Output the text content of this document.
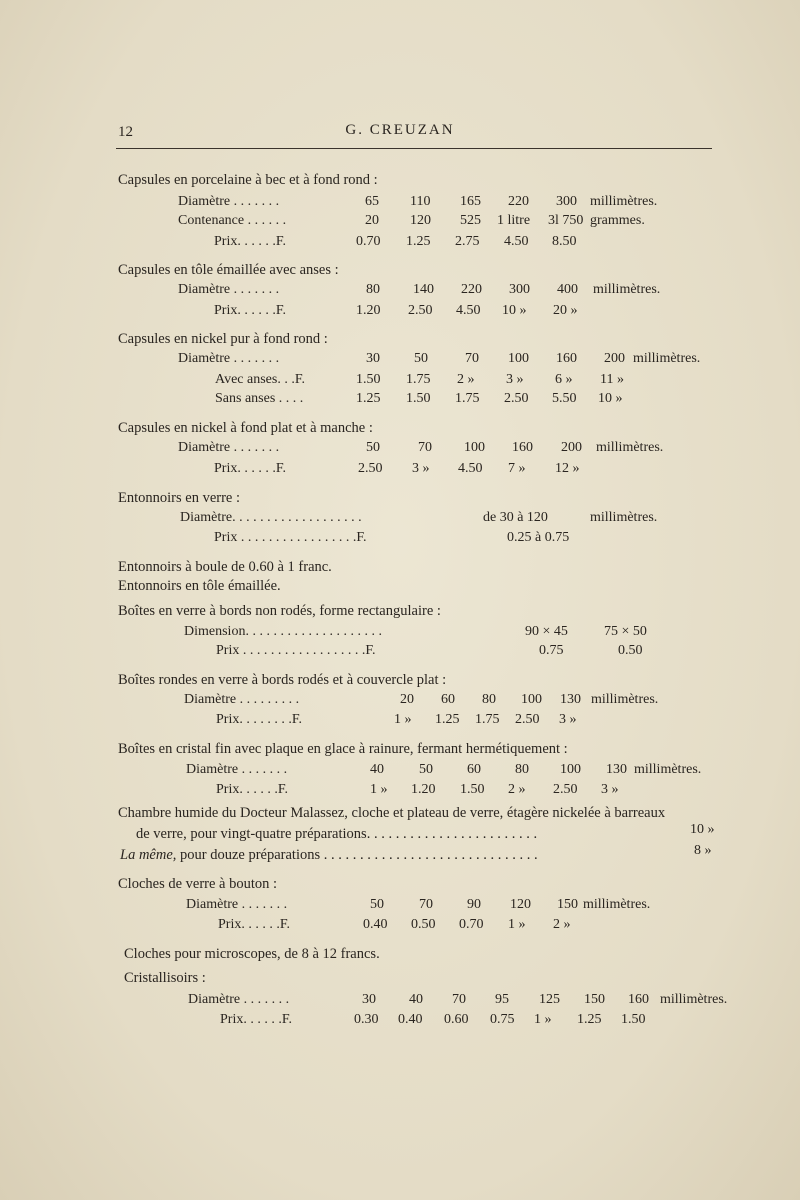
12	G. CREUZAN
Capsules en porcelaine à bec et à fond rond :
Diamètre . . . . . . .	65 110 165 220 300 millimètres.
Contenance . . . . . .	20 120 525 1 litre 3l 750 grammes.
Prix. . . . . .F.	0.70 1.25 2.75 4.50 8.50
Capsules en tôle émaillée avec anses :
Diamètre . . . . . . .	80 140 220 300 400 millimètres.
Prix. . . . . .F.	1.20 2.50 4.50 10 » 20 »
Capsules en nickel pur à fond rond :
Diamètre . . . . . . .	30 50	70 100 160 200 millimètres.
Avec anses. . .F.	1.50 1.75 2 » 3 » 6 » 11 »
Sans anses . . . .	1.25 1.50 1.75 2.50 5.50 10 »
Capsules en nickel à fond plat et à manche :
Diamètre . . . . . . .	50	70 100 160 200 millimètres.
Prix. . . . . .F.	2.50 3 » 4.50 7 » 12 »
Entonnoirs en verre :
Diamètre. . . . . . . . . . . . . . . . . . .	de 30 à 120	millimètres.
Prix . . . . . . . . . . . . . . . . .F.	0.25 à 0.75
Entonnoirs à boule de 0.60 à 1 franc.
Entonnoirs en tôle émaillée.
Boîtes en verre à bords non rodés, forme rectangulaire :
Dimension. . . . . . . . . . . . . . . . . . . .	90 × 45	75 × 50
Prix . . . . . . . . . . . . . . . . . .F.	0.75	0.50
Boîtes rondes en verre à bords rodés et à couvercle plat :
Diamètre . . . . . . . . .	20 60 80 100 130 millimètres.
Prix. . . . . . . .F.	1 » 1.25 1.75 2.50 3 »
Boîtes en cristal fin avec plaque en glace à rainure, fermant hermétiquement :
Diamètre . . . . . . .	40	50 60 80 100 130 millimètres.
Prix. . . . . .F.	1 » 1.20 1.50 2 » 2.50 3 »
Chambre humide du Docteur Malassez, cloche et plateau de verre, étagère nickelée à barreaux
de verre, pour vingt-quatre préparations. . . . . . . . . . . . . . . . . . . . . . . .	10 »
La même, pour douze préparations . . . . . . . . . . . . . . . . . . . . . . . . . . . . . .	8 »
Cloches de verre à bouton :
Diamètre . . . . . . .	50	70 90 120 150 millimètres.
Prix. . . . . .F.	0.40 0.50 0.70 1 » 2 »
Cloches pour microscopes, de 8 à 12 francs.
Cristallisoirs :
Diamètre . . . . . . .	30 40 70 95 125 150 160 millimètres.
Prix. . . . . .F.	0.30 0.40 0.60 0.75 1 » 1.25 1.50
